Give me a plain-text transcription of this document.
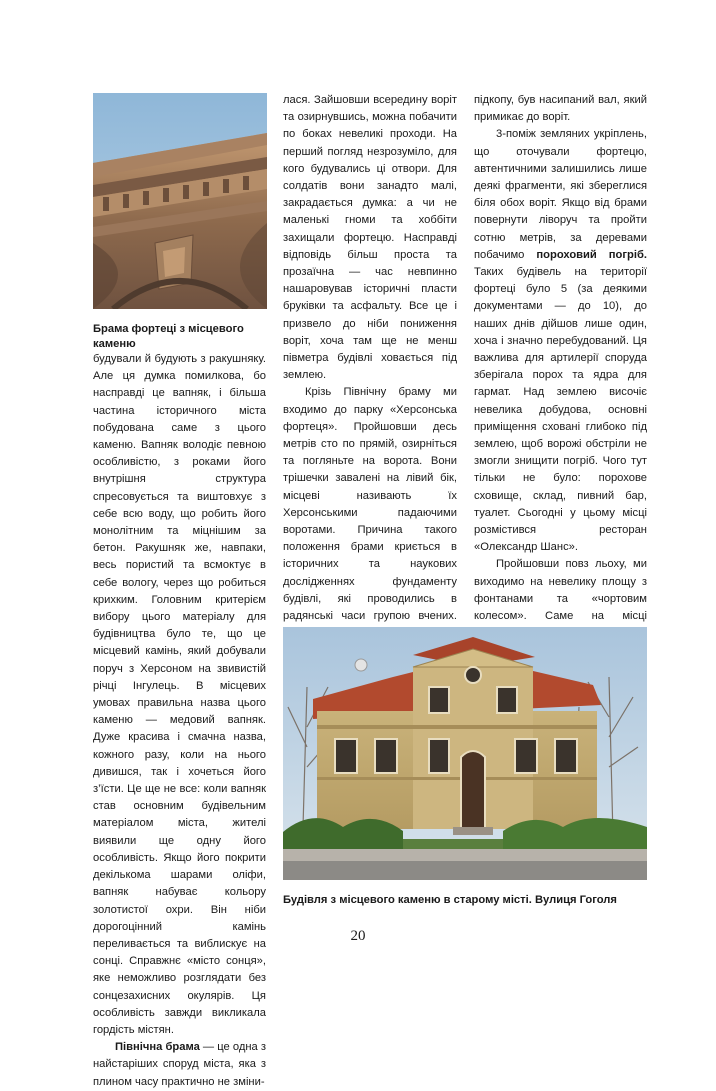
Брама фортеці з місцевого каменю

будували й будують з ракушняку. Але ця думка помилкова, бо насправді це вапняк, і більша частина історичного міста побудована саме з цього каменю. Вапняк володіє певною особливістю, з роками його внутрішня структура спресовується та виштовхує з себе всю воду, що робить його монолітним та міцнішим за бетон. Ракушняк же, навпаки, весь пористий та всмоктує в себе вологу, через що робиться крихким. Головним критерієм вибору цього матеріалу для будівництва було те, що це місцевий камінь, який добували поруч з Херсоном на звивистій річці Інгулець. В місцевих умовах правильна назва цього каменю — медовий вапняк. Дуже красива і смачна назва, кожного разу, коли на нього дивишся, так і хочеться його з’їсти. Це ще не все: коли вапняк став основним будівельним матеріалом міста, жителі виявили ще одну його особливість. Якщо його покрити декількома шарами оліфи, вапняк набуває кольору золотистої охри. Він ніби дорогоцінний камінь переливається та виблискує на сонці. Справжнє «місто сонця», яке неможливо розглядати без сонцезахисних окулярів. Ця особливість завжди викликала гордість містян.

Північна брама — це одна з найстаріших споруд міста, яка з плином часу практично не зміни-

лася. Зайшовши всередину воріт та озирнувшись, можна побачити по боках невеликі проходи. На перший погляд незрозуміло, для кого будувались ці отвори. Для солдатів вони занадто малі, закрадається думка: а чи не маленькі гноми та хоббіти захищали фортецю. Насправді відповідь більш проста та прозаїчна — час невпинно нашаровував історичні пласти бруківки та асфальту. Все це і призвело до ніби пониження воріт, хоча там ще не менш півметра будівлі ховається під землею.

Крізь Північну браму ми входимо до парку «Херсонська фортеця». Пройшовши десь метрів сто по прямій, озирніться та погляньте на ворота. Вони трішечки завалені на лівий бік, місцеві називають їх Херсонськими падаючими воротами. Причина такого положення брами криється в історичних та наукових дослідженнях фундаменту будівлі, які проводились в радянські часи групою вчених.

підкопу, був насипаний вал, який примикає до воріт.

3-поміж земляних укріплень, що оточували фортецю, автентичними залишились лише деякі фрагменти, які збереглися біля обох воріт. Якщо від брами повернути ліворуч та пройти сотню метрів, за деревами побачимо пороховий погріб. Таких будівель на території фортеці було 5 (за деякими документами — до 10), до наших днів дійшов лише один, хоча і значно перебудований. Ця важлива для артилерії споруда зберігала порох та ядра для гармат. Над землею височіє невелика добудова, основні приміщення сховані глибоко під землею, щоб ворожі обстріли не змогли знищити погріб. Чого тут тільки не було: порохове сховище, склад, пивний бар, туалет. Сьогодні у цьому місці розмістився ресторан «Олександр Шанс».

Пройшовши повз льоху, ми виходимо на невелику площу з фонтанами та «чортовим колесом». Саме на місці

Будівля з місцевого каменю в старому місті. Вулиця Гоголя
20
